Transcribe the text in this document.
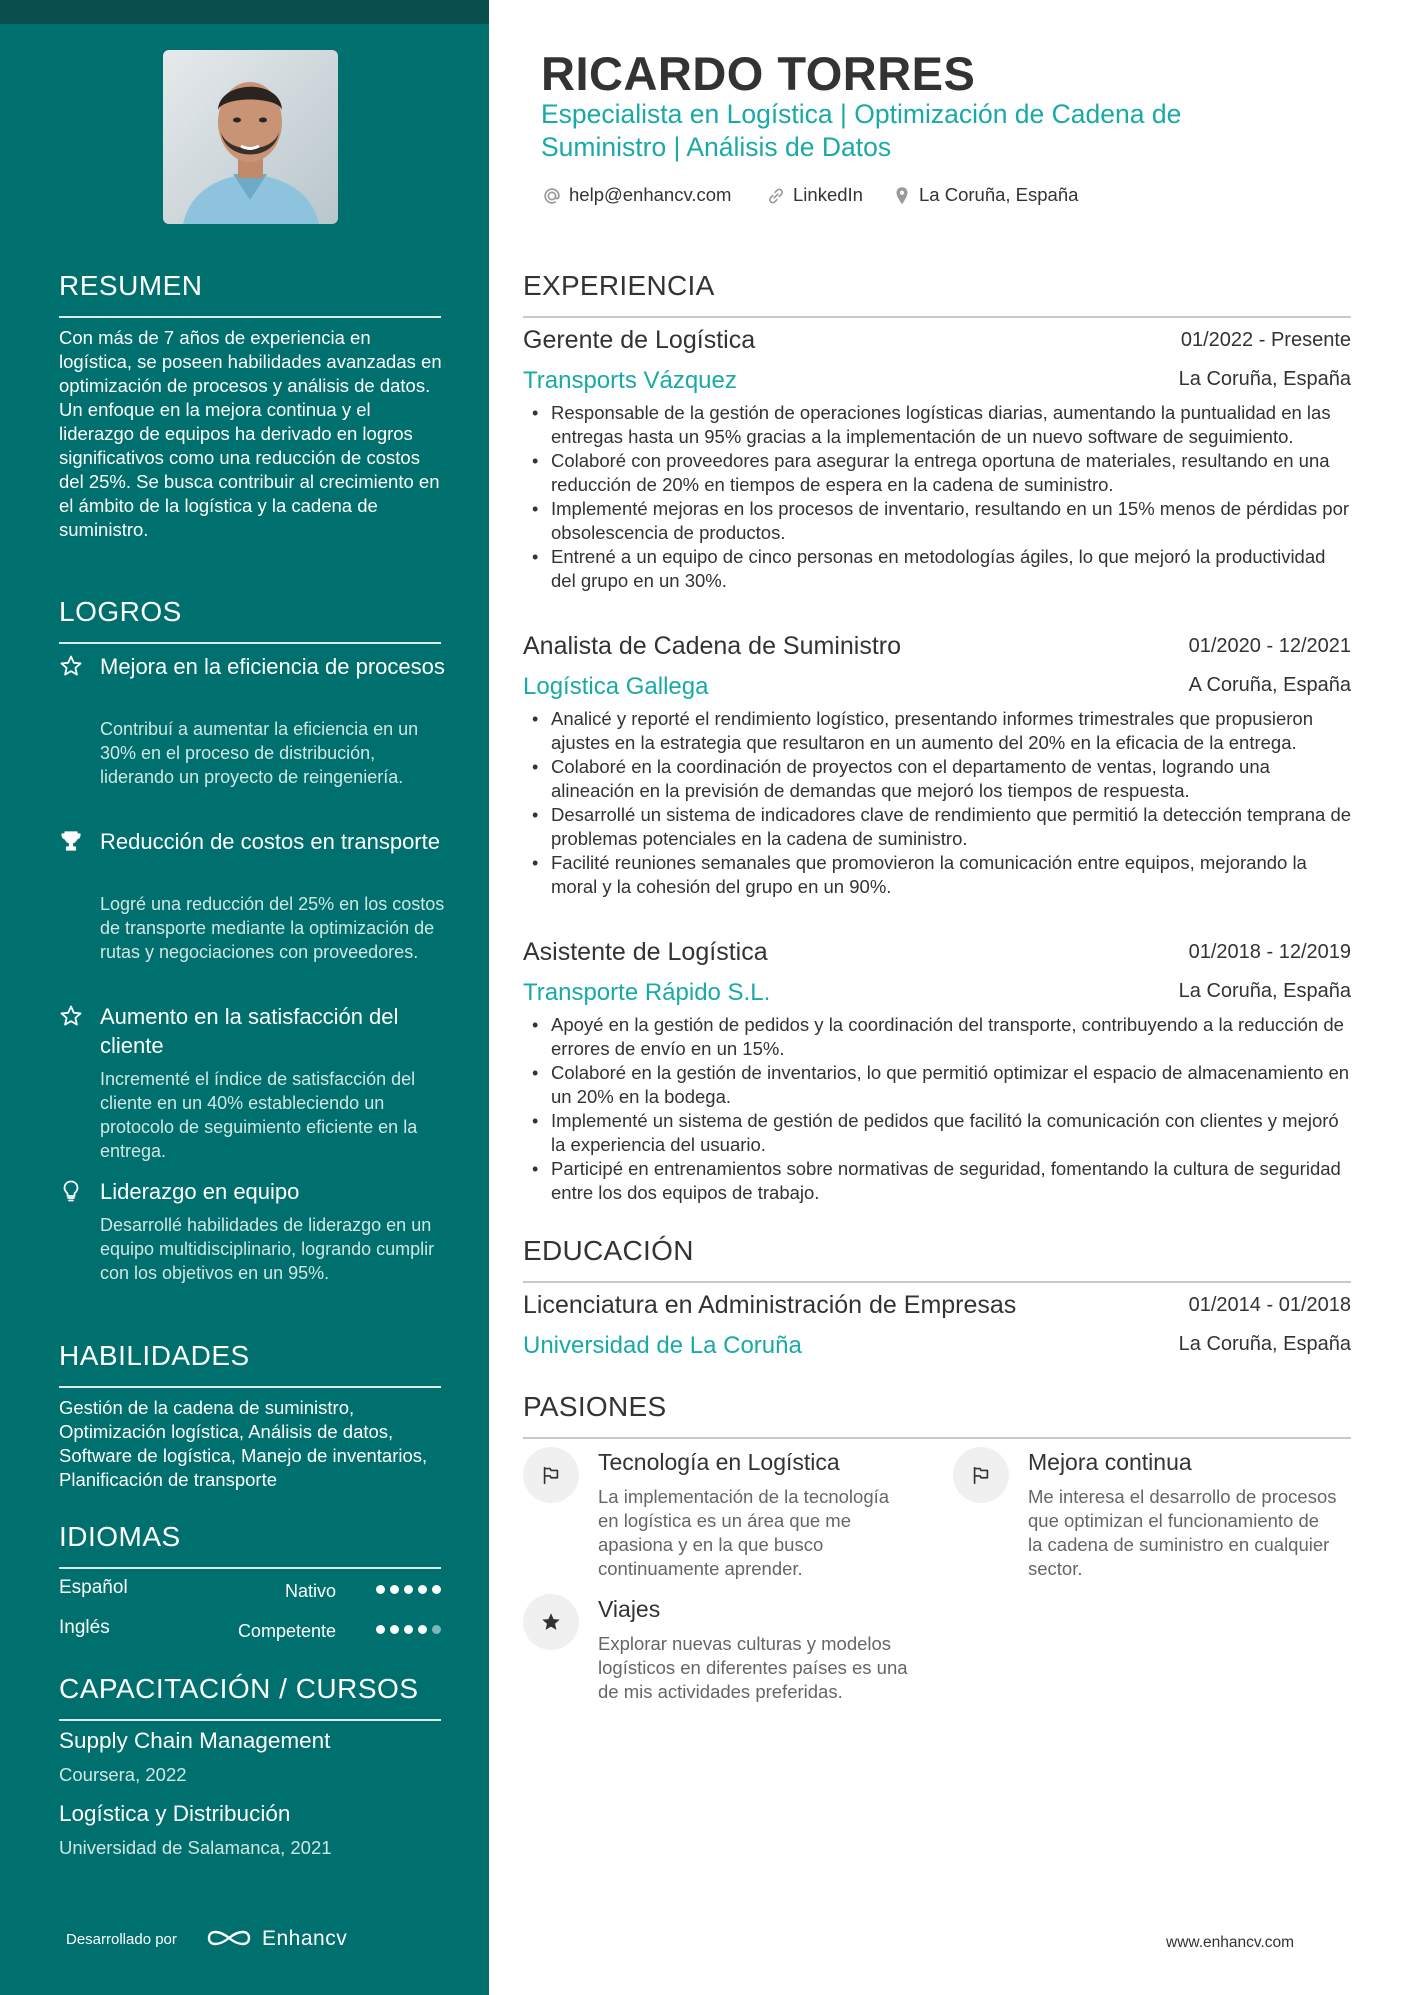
RESUMEN
Con más de 7 años de experiencia en logística, se poseen habilidades avanzadas en optimización de procesos y análisis de datos. Un enfoque en la mejora continua y el liderazgo de equipos ha derivado en logros significativos como una reducción de costos del 25%. Se busca contribuir al crecimiento en el ámbito de la logística y la cadena de suministro.
LOGROS
Mejora en la eficiencia de procesos
Contribuí a aumentar la eficiencia en un 30% en el proceso de distribución, liderando un proyecto de reingeniería.
Reducción de costos en transporte
Logré una reducción del 25% en los costos de transporte mediante la optimización de rutas y negociaciones con proveedores.
Aumento en la satisfacción del cliente
Incrementé el índice de satisfacción del cliente en un 40% estableciendo un protocolo de seguimiento eficiente en la entrega.
Liderazgo en equipo
Desarrollé habilidades de liderazgo en un equipo multidisciplinario, logrando cumplir con los objetivos en un 95%.
HABILIDADES
Gestión de la cadena de suministro, Optimización logística, Análisis de datos, Software de logística, Manejo de inventarios, Planificación de transporte
IDIOMAS
Español	Nativo
Inglés	Competente
CAPACITACIÓN / CURSOS
Supply Chain Management
Coursera, 2022
Logística y Distribución
Universidad de Salamanca, 2021
Desarrollado por	Enhancv
RICARDO TORRES
Especialista en Logística | Optimización de Cadena de Suministro | Análisis de Datos
help@enhancv.com	LinkedIn	La Coruña, España
EXPERIENCIA
Gerente de Logística	01/2022 - Presente
Transports Vázquez	La Coruña, España
• Responsable de la gestión de operaciones logísticas diarias, aumentando la puntualidad en las entregas hasta un 95% gracias a la implementación de un nuevo software de seguimiento.
• Colaboré con proveedores para asegurar la entrega oportuna de materiales, resultando en una reducción de 20% en tiempos de espera en la cadena de suministro.
• Implementé mejoras en los procesos de inventario, resultando en un 15% menos de pérdidas por obsolescencia de productos.
• Entrené a un equipo de cinco personas en metodologías ágiles, lo que mejoró la productividad del grupo en un 30%.
Analista de Cadena de Suministro	01/2020 - 12/2021
Logística Gallega	A Coruña, España
• Analicé y reporté el rendimiento logístico, presentando informes trimestrales que propusieron ajustes en la estrategia que resultaron en un aumento del 20% en la eficacia de la entrega.
• Colaboré en la coordinación de proyectos con el departamento de ventas, logrando una alineación en la previsión de demandas que mejoró los tiempos de respuesta.
• Desarrollé un sistema de indicadores clave de rendimiento que permitió la detección temprana de problemas potenciales en la cadena de suministro.
• Facilité reuniones semanales que promovieron la comunicación entre equipos, mejorando la moral y la cohesión del grupo en un 90%.
Asistente de Logística	01/2018 - 12/2019
Transporte Rápido S.L.	La Coruña, España
• Apoyé en la gestión de pedidos y la coordinación del transporte, contribuyendo a la reducción de errores de envío en un 15%.
• Colaboré en la gestión de inventarios, lo que permitió optimizar el espacio de almacenamiento en un 20% en la bodega.
• Implementé un sistema de gestión de pedidos que facilitó la comunicación con clientes y mejoró la experiencia del usuario.
• Participé en entrenamientos sobre normativas de seguridad, fomentando la cultura de seguridad entre los dos equipos de trabajo.
EDUCACIÓN
Licenciatura en Administración de Empresas	01/2014 - 01/2018
Universidad de La Coruña	La Coruña, España
PASIONES
Tecnología en Logística
La implementación de la tecnología en logística es un área que me apasiona y en la que busco continuamente aprender.
Mejora continua
Me interesa el desarrollo de procesos que optimizan el funcionamiento de la cadena de suministro en cualquier sector.
Viajes
Explorar nuevas culturas y modelos logísticos en diferentes países es una de mis actividades preferidas.
www.enhancv.com
